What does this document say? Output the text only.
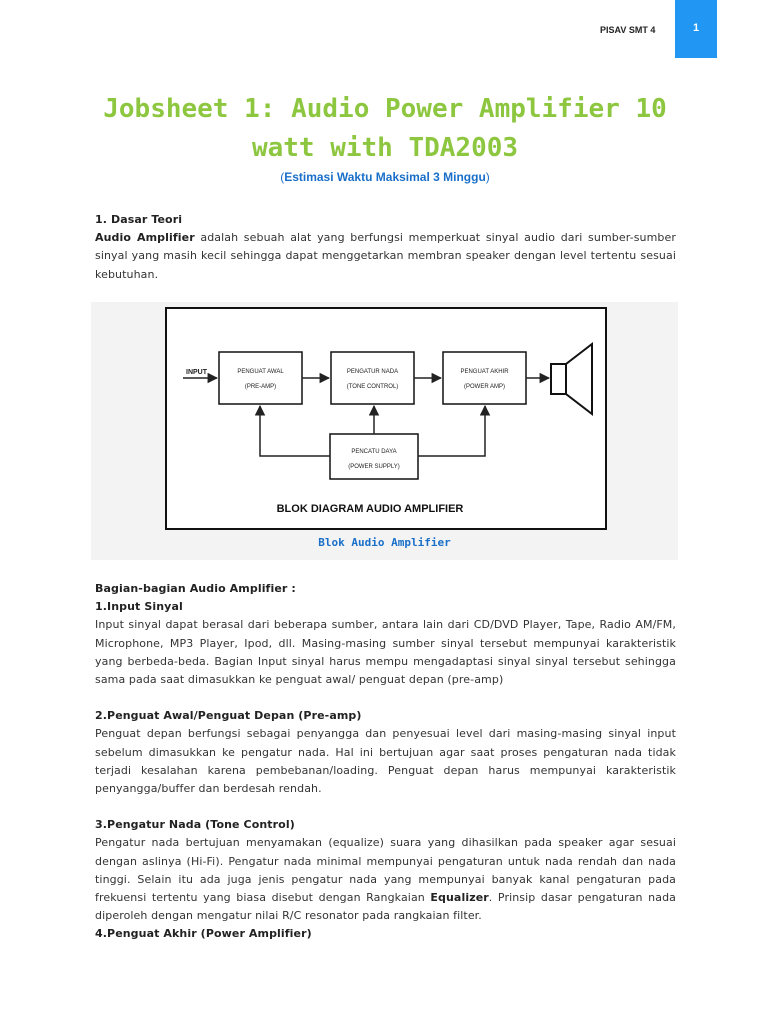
PISAV SMT 4	1
Jobsheet 1: Audio Power Amplifier 10
watt with TDA2003
(Estimasi Waktu Maksimal 3 Minggu)

1. Dasar Teori

Audio Amplifier adalah sebuah alat yang berfungsi memperkuat sinyal audio dari sumber-sumber sinyal yang masih kecil sehingga dapat menggetarkan membran speaker dengan level tertentu sesuai kebutuhan.

INPUT	PENGUAT AWAL
(PRE-AMP)
PENGATUR NADA
(TONE CONTROL)
PENGUAT AKHIR
(POWER AMP)
PENCATU DAYA
(POWER SUPPLY)
BLOK DIAGRAM AUDIO AMPLIFIER
Blok Audio Amplifier

Bagian-bagian Audio Amplifier :

1.Input Sinyal

Input sinyal dapat berasal dari beberapa sumber, antara lain dari CD/DVD Player, Tape, Radio AM/FM, Microphone, MP3 Player, Ipod, dll. Masing-masing sumber sinyal tersebut mempunyai karakteristik yang berbeda-beda. Bagian Input sinyal harus mempu mengadaptasi sinyal sinyal tersebut sehingga sama pada saat dimasukkan ke penguat awal/ penguat depan (pre-amp)

2.Penguat Awal/Penguat Depan (Pre-amp)

Penguat depan berfungsi sebagai penyangga dan penyesuai level dari masing-masing sinyal input sebelum dimasukkan ke pengatur nada. Hal ini bertujuan agar saat proses pengaturan nada tidak terjadi kesalahan karena pembebanan/loading. Penguat depan harus mempunyai karakteristik penyangga/buffer dan berdesah rendah.

3.Pengatur Nada (Tone Control)

Pengatur nada bertujuan menyamakan (equalize) suara yang dihasilkan pada speaker agar sesuai dengan aslinya (Hi-Fi). Pengatur nada minimal mempunyai pengaturan untuk nada rendah dan nada tinggi. Selain itu ada juga jenis pengatur nada yang mempunyai banyak kanal pengaturan pada frekuensi tertentu yang biasa disebut dengan Rangkaian Equalizer. Prinsip dasar pengaturan nada diperoleh dengan mengatur nilai R/C resonator pada rangkaian filter.

4.Penguat Akhir (Power Amplifier)
